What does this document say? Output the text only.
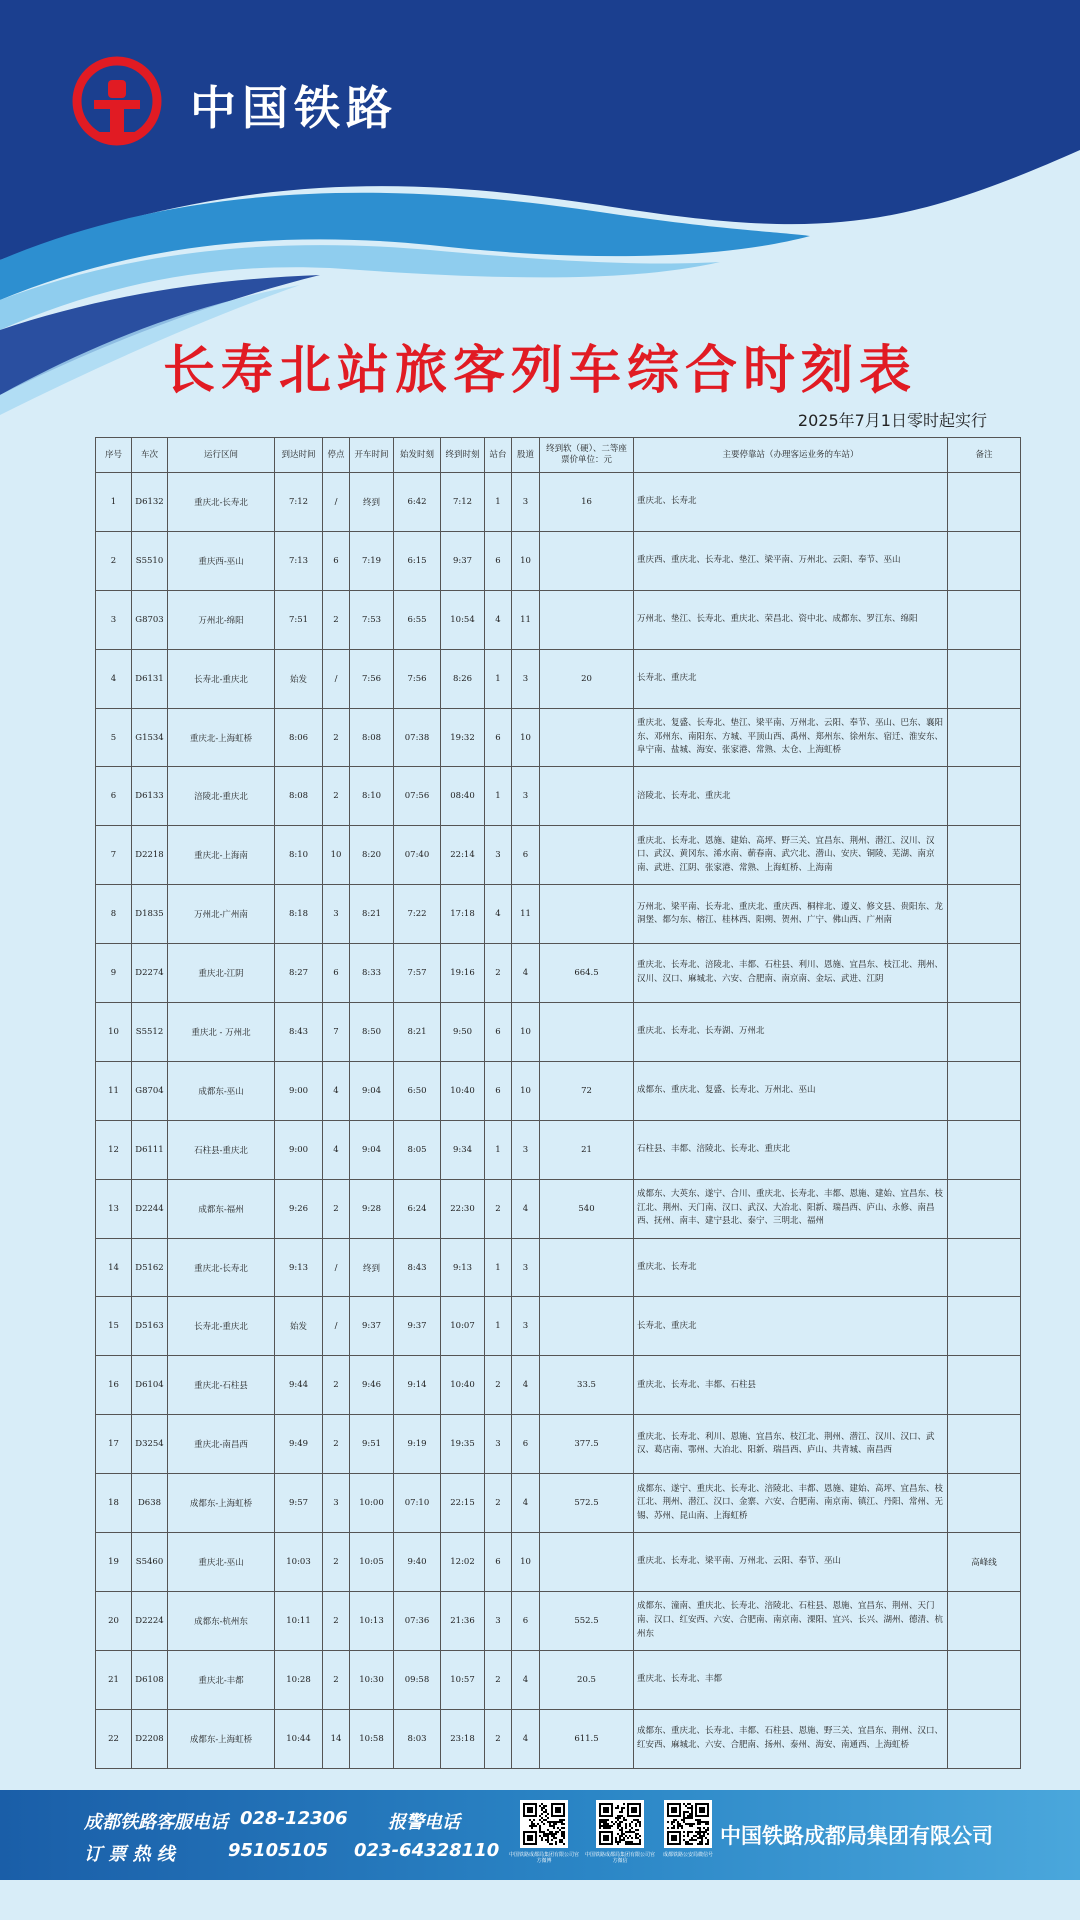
中国铁路
长寿北站旅客列车综合时刻表
2025年7月1日零时起实行
序号	车次	运行区间	到达时间	停点	开车时间	始发时刻	终到时刻	站台	股道	终到软（硬）、二等座票价单位：元	主要停靠站（办理客运业务的车站）	备注
1	D6132	重庆北-长寿北	7:12	/	终到	6:42	7:12	1	3	16	重庆北、长寿北	
2	S5510	重庆西-巫山	7:13	6	7:19	6:15	9:37	6	10		重庆西、重庆北、长寿北、垫江、梁平南、万州北、云阳、奉节、巫山	
3	G8703	万州北-绵阳	7:51	2	7:53	6:55	10:54	4	11		万州北、垫江、长寿北、重庆北、荣昌北、资中北、成都东、罗江东、绵阳	
4	D6131	长寿北-重庆北	始发	/	7:56	7:56	8:26	1	3	20	长寿北、重庆北	
5	G1534	重庆北-上海虹桥	8:06	2	8:08	07:38	19:32	6	10		重庆北、复盛、长寿北、垫江、梁平南、万州北、云阳、奉节、巫山、巴东、襄阳东、邓州东、南阳东、方城、平顶山西、禹州、郑州东、徐州东、宿迁、淮安东、阜宁南、盐城、海安、张家港、常熟、太仓、上海虹桥	
6	D6133	涪陵北-重庆北	8:08	2	8:10	07:56	08:40	1	3		涪陵北、长寿北、重庆北	
7	D2218	重庆北-上海南	8:10	10	8:20	07:40	22:14	3	6		重庆北、长寿北、恩施、建始、高坪、野三关、宜昌东、荆州、潜江、汉川、汉口、武汉、黄冈东、浠水南、蕲春南、武穴北、潜山、安庆、铜陵、芜湖、南京南、武进、江阴、张家港、常熟、上海虹桥、上海南	
8	D1835	万州北-广州南	8:18	3	8:21	7:22	17:18	4	11		万州北、梁平南、长寿北、重庆北、重庆西、桐梓北、遵义、修文县、贵阳东、龙洞堡、都匀东、榕江、桂林西、阳朔、贺州、广宁、佛山西、广州南	
9	D2274	重庆北-江阴	8:27	6	8:33	7:57	19:16	2	4	664.5	重庆北、长寿北、涪陵北、丰都、石柱县、利川、恩施、宜昌东、枝江北、荆州、汉川、汉口、麻城北、六安、合肥南、南京南、金坛、武进、江阴	
10	S5512	重庆北 - 万州北	8:43	7	8:50	8:21	9:50	6	10		重庆北、长寿北、长寿湖、万州北	
11	G8704	成都东-巫山	9:00	4	9:04	6:50	10:40	6	10	72	成都东、重庆北、复盛、长寿北、万州北、巫山	
12	D6111	石柱县-重庆北	9:00	4	9:04	8:05	9:34	1	3	21	石柱县、丰都、涪陵北、长寿北、重庆北	
13	D2244	成都东-福州	9:26	2	9:28	6:24	22:30	2	4	540	成都东、大英东、遂宁、合川、重庆北、长寿北、丰都、恩施、建始、宜昌东、枝江北、荆州、天门南、汉口、武汉、大冶北、阳新、瑞昌西、庐山、永修、南昌西、抚州、南丰、建宁县北、泰宁、三明北、福州	
14	D5162	重庆北-长寿北	9:13	/	终到	8:43	9:13	1	3		重庆北、长寿北	
15	D5163	长寿北-重庆北	始发	/	9:37	9:37	10:07	1	3		长寿北、重庆北	
16	D6104	重庆北-石柱县	9:44	2	9:46	9:14	10:40	2	4	33.5	重庆北、长寿北、丰都、石柱县	
17	D3254	重庆北-南昌西	9:49	2	9:51	9:19	19:35	3	6	377.5	重庆北、长寿北、利川、恩施、宜昌东、枝江北、荆州、潜江、汉川、汉口、武汉、葛店南、鄂州、大冶北、阳新、瑞昌西、庐山、共青城、南昌西	
18	D638	成都东-上海虹桥	9:57	3	10:00	07:10	22:15	2	4	572.5	成都东、遂宁、重庆北、长寿北、涪陵北、丰都、恩施、建始、高坪、宜昌东、枝江北、荆州、潜江、汉口、金寨、六安、合肥南、南京南、镇江、丹阳、常州、无锡、苏州、昆山南、上海虹桥	
19	S5460	重庆北-巫山	10:03	2	10:05	9:40	12:02	6	10		重庆北、长寿北、梁平南、万州北、云阳、奉节、巫山	高峰线
20	D2224	成都东-杭州东	10:11	2	10:13	07:36	21:36	3	6	552.5	成都东、潼南、重庆北、长寿北、涪陵北、石柱县、恩施、宜昌东、荆州、天门南、汉口、红安西、六安、合肥南、南京南、溧阳、宜兴、长兴、湖州、德清、杭州东	
21	D6108	重庆北-丰都	10:28	2	10:30	09:58	10:57	2	4	20.5	重庆北、长寿北、丰都	
22	D2208	成都东-上海虹桥	10:44	14	10:58	8:03	23:18	2	4	611.5	成都东、重庆北、长寿北、丰都、石柱县、恩施、野三关、宜昌东、荆州、汉口、红安西、麻城北、六安、合肥南、扬州、泰州、海安、南通西、上海虹桥	
成都铁路客服电话 028-12306
订 票 热 线	95105105
报警电话
023-64328110 中国铁路成都局集团有限公司官方微博
中国铁路成都局集团有限公司官方微信
成都铁路公安局微信号
中国铁路成都局集团有限公司
